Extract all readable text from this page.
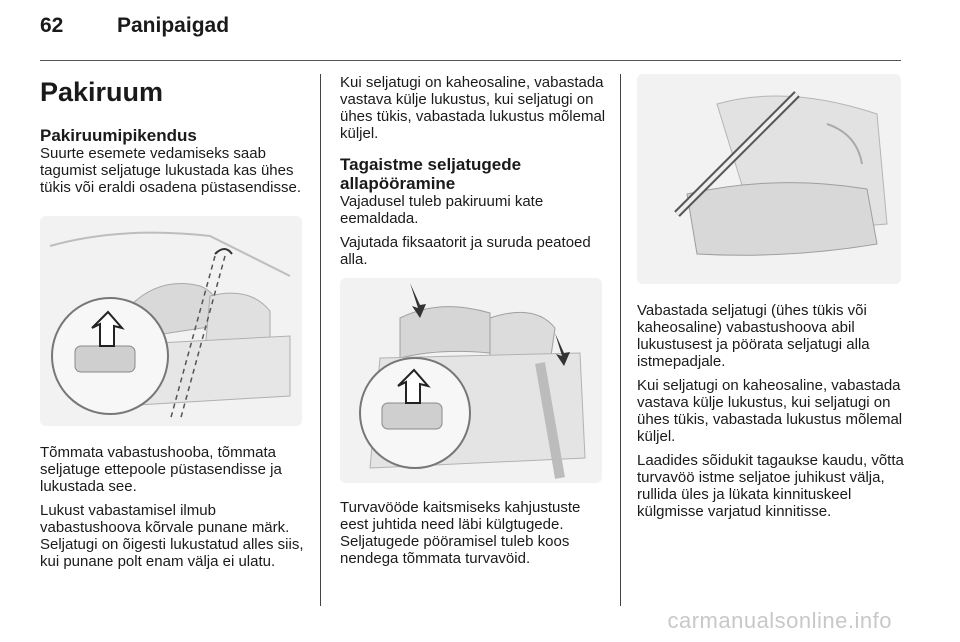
62	Panipaigad
Pakiruum
Pakiruumipikendus

Suurte esemete vedamiseks saab tagumist seljatuge lukustada kas ühes tükis või eraldi osadena püstasendisse.

Tõmmata vabastushooba, tõmmata seljatuge ettepoole püstasendisse ja lukustada see.

Lukust vabastamisel ilmub vabastushoova kõrvale punane märk. Seljatugi on õigesti lukustatud alles siis, kui punane polt enam välja ei ulatu.

Kui seljatugi on kaheosaline, vabastada vastava külje lukustus, kui seljatugi on ühes tükis, vabastada lukustus mõlemal küljel.

Tagaistme seljatugede allapööramine

Vajadusel tuleb pakiruumi kate eemaldada.

Vajutada fiksaatorit ja suruda peatoed alla.

Turvavööde kaitsmiseks kahjustuste eest juhtida need läbi külgtugede. Seljatugede pööramisel tuleb koos nendega tõmmata turvavöid.

Vabastada seljatugi (ühes tükis või kaheosaline) vabastushoova abil lukustusest ja pöörata seljatugi alla istmepadjale.

Kui seljatugi on kaheosaline, vabastada vastava külje lukustus, kui seljatugi on ühes tükis, vabastada lukustus mõlemal küljel.

Laadides sõidukit tagaukse kaudu, võtta turvavöö istme seljatoe juhikust välja, rullida üles ja lükata kinnituskeel külgmisse varjatud kinnitisse.

carmanualsonline.info
